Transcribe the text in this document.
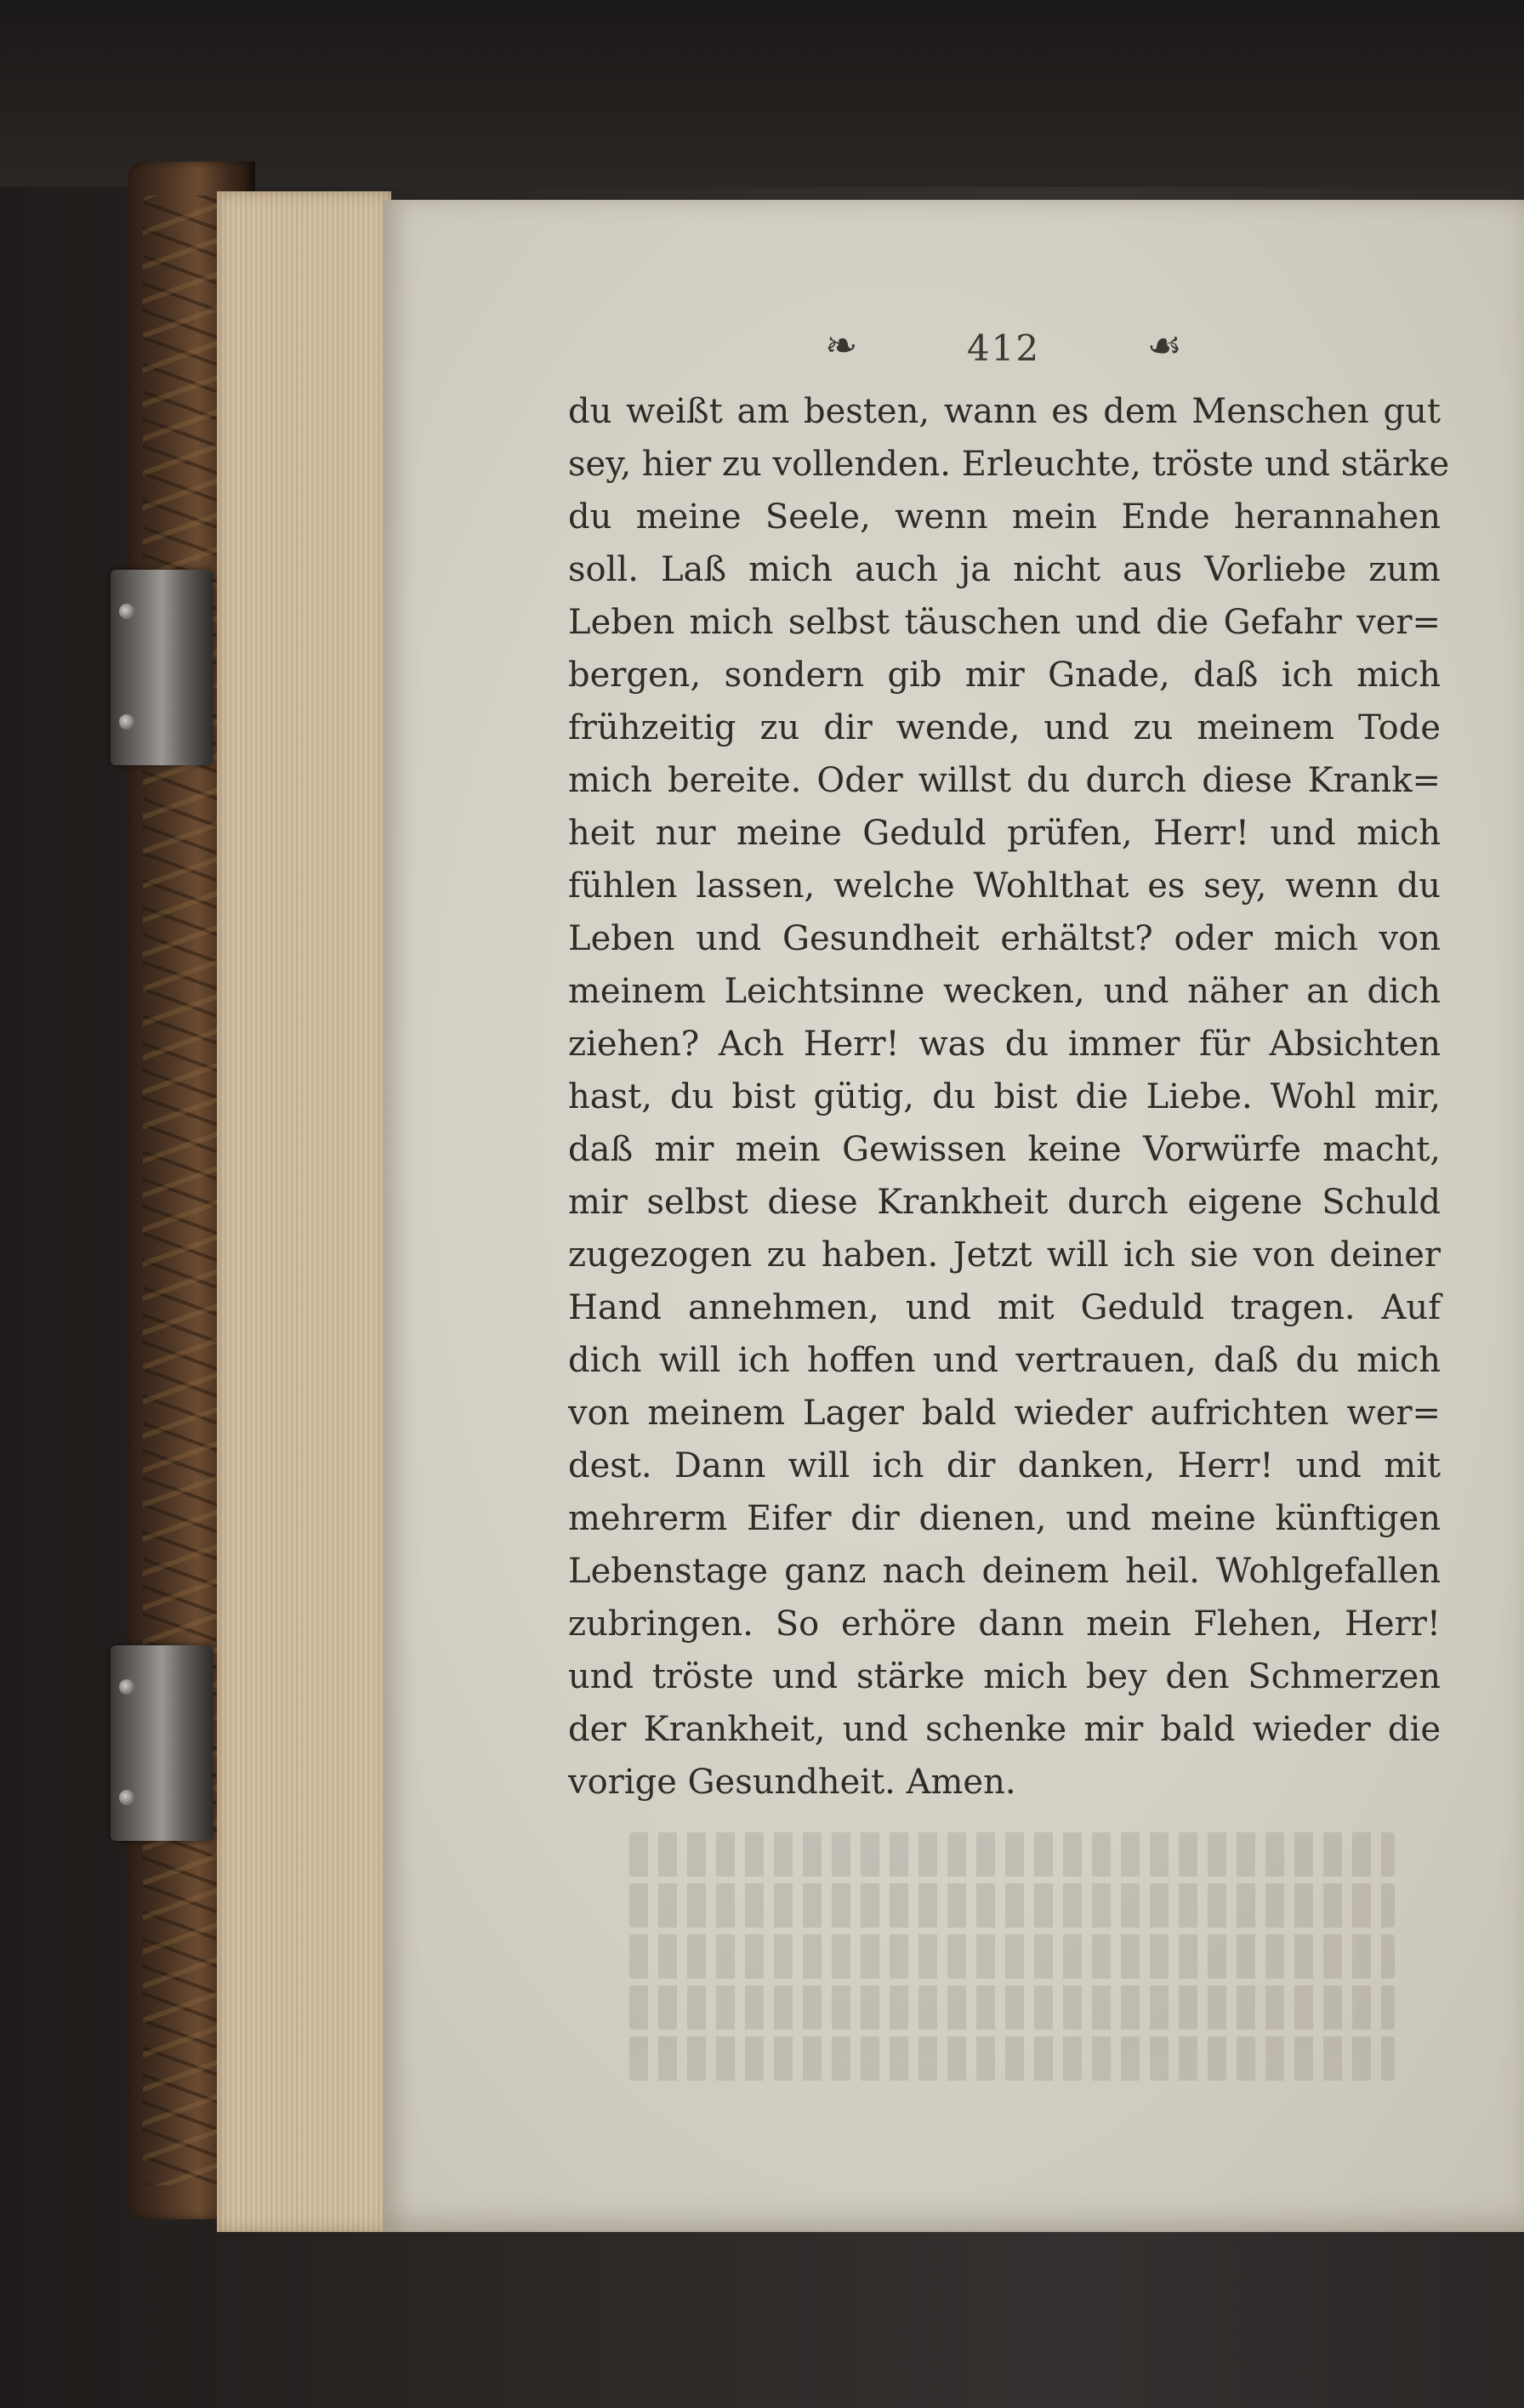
❧	412	☙
du weißt am besten, wann es dem Menschen gut
sey, hier zu vollenden. Erleuchte, tröste und stärke
du meine Seele, wenn mein Ende herannahen
soll. Laß mich auch ja nicht aus Vorliebe zum
Leben mich selbst täuschen und die Gefahr ver=
bergen, sondern gib mir Gnade, daß ich mich
frühzeitig zu dir wende, und zu meinem Tode
mich bereite. Oder willst du durch diese Krank=
heit nur meine Geduld prüfen, Herr! und mich
fühlen lassen, welche Wohlthat es sey, wenn du
Leben und Gesundheit erhältst? oder mich von
meinem Leichtsinne wecken, und näher an dich
ziehen? Ach Herr! was du immer für Absichten
hast, du bist gütig, du bist die Liebe. Wohl mir,
daß mir mein Gewissen keine Vorwürfe macht,
mir selbst diese Krankheit durch eigene Schuld
zugezogen zu haben. Jetzt will ich sie von deiner
Hand annehmen, und mit Geduld tragen. Auf
dich will ich hoffen und vertrauen, daß du mich
von meinem Lager bald wieder aufrichten wer=
dest. Dann will ich dir danken, Herr! und mit
mehrerm Eifer dir dienen, und meine künftigen
Lebenstage ganz nach deinem heil. Wohlgefallen
zubringen. So erhöre dann mein Flehen, Herr!
und tröste und stärke mich bey den Schmerzen
der Krankheit, und schenke mir bald wieder die
vorige Gesundheit. Amen.
